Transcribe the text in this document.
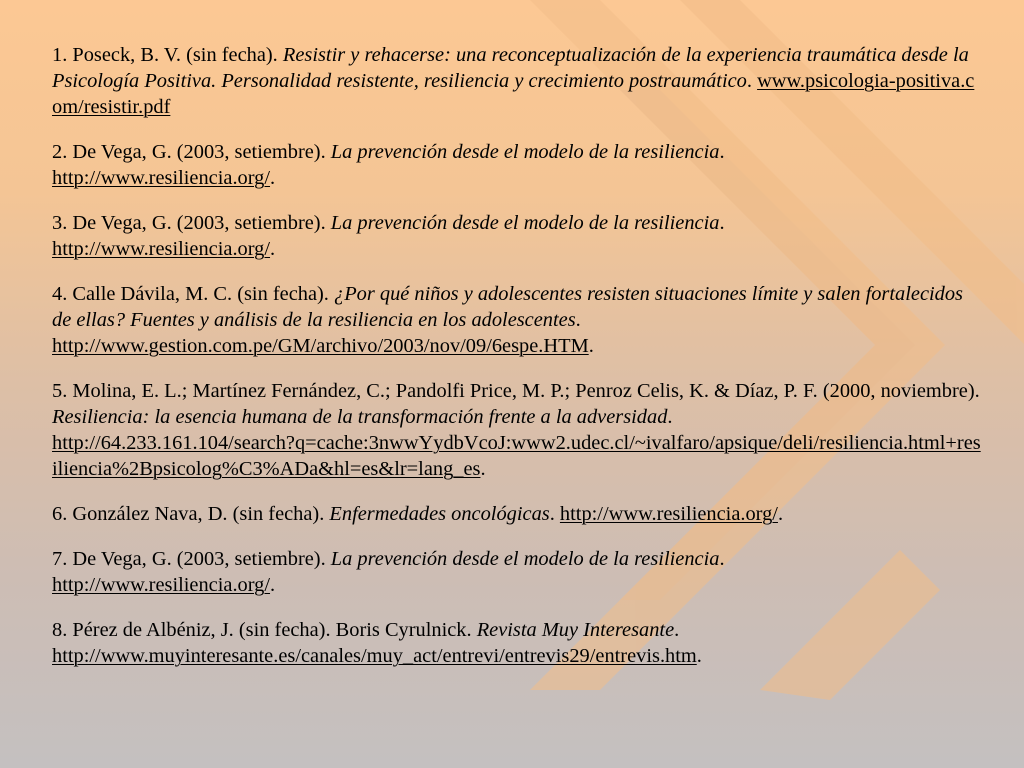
1. Poseck, B. V. (sin fecha). Resistir y rehacerse: una reconceptualización de la experiencia traumática desde la Psicología Positiva. Personalidad resistente, resiliencia y crecimiento postraumático. www.psicologia-positiva.com/resistir.pdf

2. De Vega, G. (2003, setiembre). La prevención desde el modelo de la resiliencia.
http://www.resiliencia.org/.

3. De Vega, G. (2003, setiembre). La prevención desde el modelo de la resiliencia.
http://www.resiliencia.org/.

4. Calle Dávila, M. C. (sin fecha). ¿Por qué niños y adolescentes resisten situaciones límite y salen fortalecidos de ellas? Fuentes y análisis de la resiliencia en los adolescentes.
http://www.gestion.com.pe/GM/archivo/2003/nov/09/6espe.HTM.

5. Molina, E. L.; Martínez Fernández, C.; Pandolfi Price, M. P.; Penroz Celis, K. & Díaz, P. F. (2000, noviembre). Resiliencia: la esencia humana de la transformación frente a la adversidad.
http://64.233.161.104/search?q=cache:3nwwYydbVcoJ:www2.udec.cl/~ivalfaro/apsique/deli/resiliencia.html+resiliencia%2Bpsicolog%C3%ADa&hl=es&lr=lang_es.

6. González Nava, D. (sin fecha). Enfermedades oncológicas. http://www.resiliencia.org/.

7. De Vega, G. (2003, setiembre). La prevención desde el modelo de la resiliencia.
http://www.resiliencia.org/.

8. Pérez de Albéniz, J. (sin fecha). Boris Cyrulnick. Revista Muy Interesante.
http://www.muyinteresante.es/canales/muy_act/entrevi/entrevis29/entrevis.htm.
